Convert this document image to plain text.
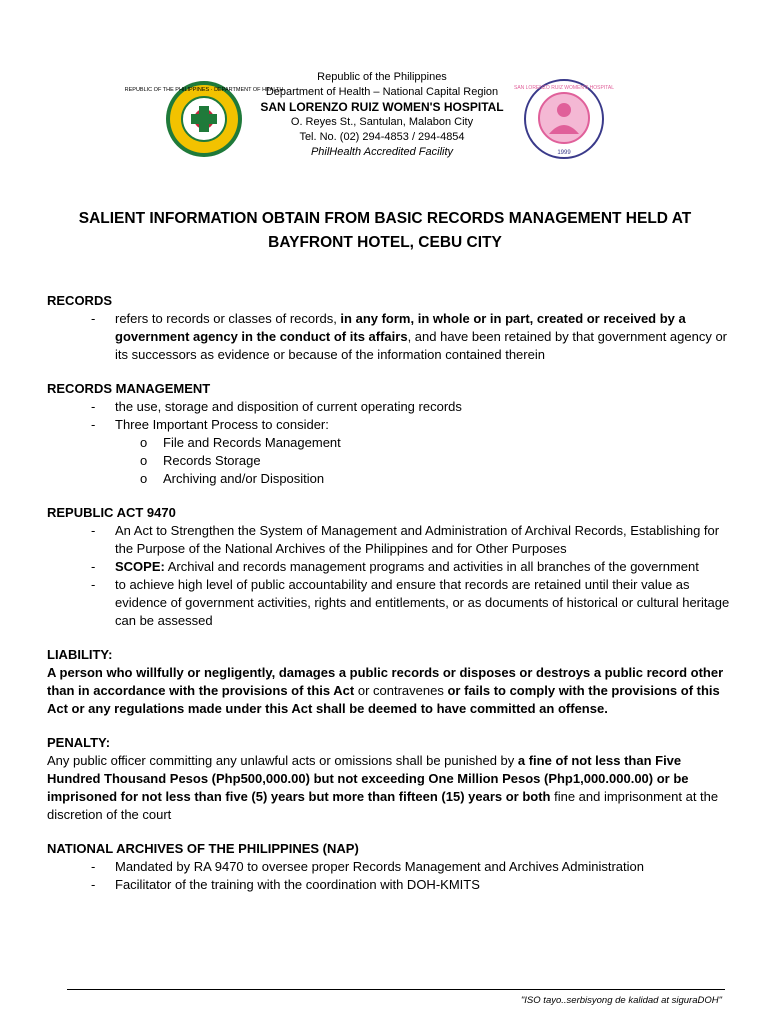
REPUBLIC OF THE PHILIPPINES · DEPARTMENT OF HEALTH
Republic of the Philippines
Department of Health – National Capital Region
SAN LORENZO RUIZ WOMEN'S HOSPITAL
O. Reyes St., Santulan, Malabon City
Tel. No. (02) 294-4853 / 294-4854
PhilHealth Accredited Facility
SAN LORENZO RUIZ WOMEN'S HOSPITAL
1999
SALIENT INFORMATION OBTAIN FROM BASIC RECORDS MANAGEMENT HELD AT
BAYFRONT HOTEL, CEBU CITY
RECORDS
- refers to records or classes of records, in any form, in whole or in part, created or received by a government agency in the conduct of its affairs, and have been retained by that government agency or its successors as evidence or because of the information contained therein
RECORDS MANAGEMENT
- the use, storage and disposition of current operating records
- Three Important Process to consider:
o File and Records Management
o Records Storage
o Archiving and/or Disposition
REPUBLIC ACT 9470
- An Act to Strengthen the System of Management and Administration of Archival Records, Establishing for the Purpose of the National Archives of the Philippines and for Other Purposes
- SCOPE: Archival and records management programs and activities in all branches of the government
- to achieve high level of public accountability and ensure that records are retained until their value as evidence of government activities, rights and entitlements, or as documents of historical or cultural heritage can be assessed
LIABILITY:
A person who willfully or negligently, damages a public records or disposes or destroys a public record other than in accordance with the provisions of this Act or contravenes or fails to comply with the provisions of this Act or any regulations made under this Act shall be deemed to have committed an offense.
PENALTY:
Any public officer committing any unlawful acts or omissions shall be punished by a fine of not less than Five Hundred Thousand Pesos (Php500,000.00) but not exceeding One Million Pesos (Php1,000.000.00) or be imprisoned for not less than five (5) years but more than fifteen (15) years or both fine and imprisonment at the discretion of the court
NATIONAL ARCHIVES OF THE PHILIPPINES (NAP)
- Mandated by RA 9470 to oversee proper Records Management and Archives Administration
- Facilitator of the training with the coordination with DOH-KMITS
"ISO tayo..serbisyong de kalidad at siguraDOH"
